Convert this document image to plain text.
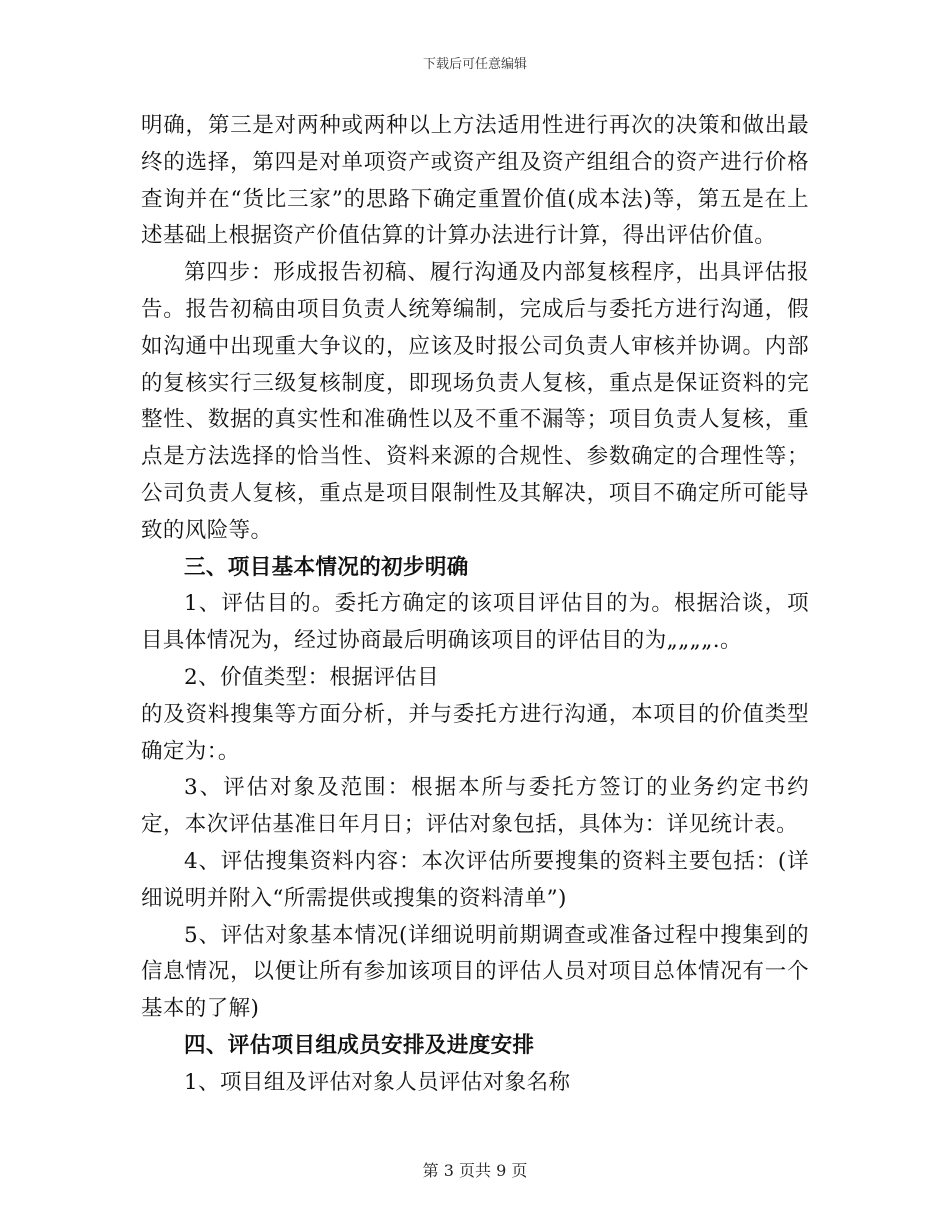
下载后可任意编辑

明确，第三是对两种或两种以上方法适用性进行再次的决策和做出最终的选择，第四是对单项资产或资产组及资产组组合的资产进行价格查询并在“货比三家”的思路下确定重置价值(成本法)等，第五是在上述基础上根据资产价值估算的计算办法进行计算，得出评估价值。

第四步：形成报告初稿、履行沟通及内部复核程序，出具评估报告。报告初稿由项目负责人统筹编制，完成后与委托方进行沟通，假如沟通中出现重大争议的，应该及时报公司负责人审核并协调。内部的复核实行三级复核制度，即现场负责人复核，重点是保证资料的完整性、数据的真实性和准确性以及不重不漏等；项目负责人复核，重点是方法选择的恰当性、资料来源的合规性、参数确定的合理性等；公司负责人复核，重点是项目限制性及其解决，项目不确定所可能导致的风险等。

三、项目基本情况的初步明确

1、评估目的。委托方确定的该项目评估目的为。根据洽谈，项目具体情况为，经过协商最后明确该项目的评估目的为„„„„.。

2、价值类型：根据评估目

的及资料搜集等方面分析，并与委托方进行沟通，本项目的价值类型确定为：。

3、评估对象及范围：根据本所与委托方签订的业务约定书约定，本次评估基准日年月日；评估对象包括，具体为：详见统计表。

4、评估搜集资料内容：本次评估所要搜集的资料主要包括：(详细说明并附入“所需提供或搜集的资料清单”)

5、评估对象基本情况(详细说明前期调查或准备过程中搜集到的信息情况，以便让所有参加该项目的评估人员对项目总体情况有一个基本的了解)

四、评估项目组成员安排及进度安排

1、项目组及评估对象人员评估对象名称

第 3 页共 9 页
